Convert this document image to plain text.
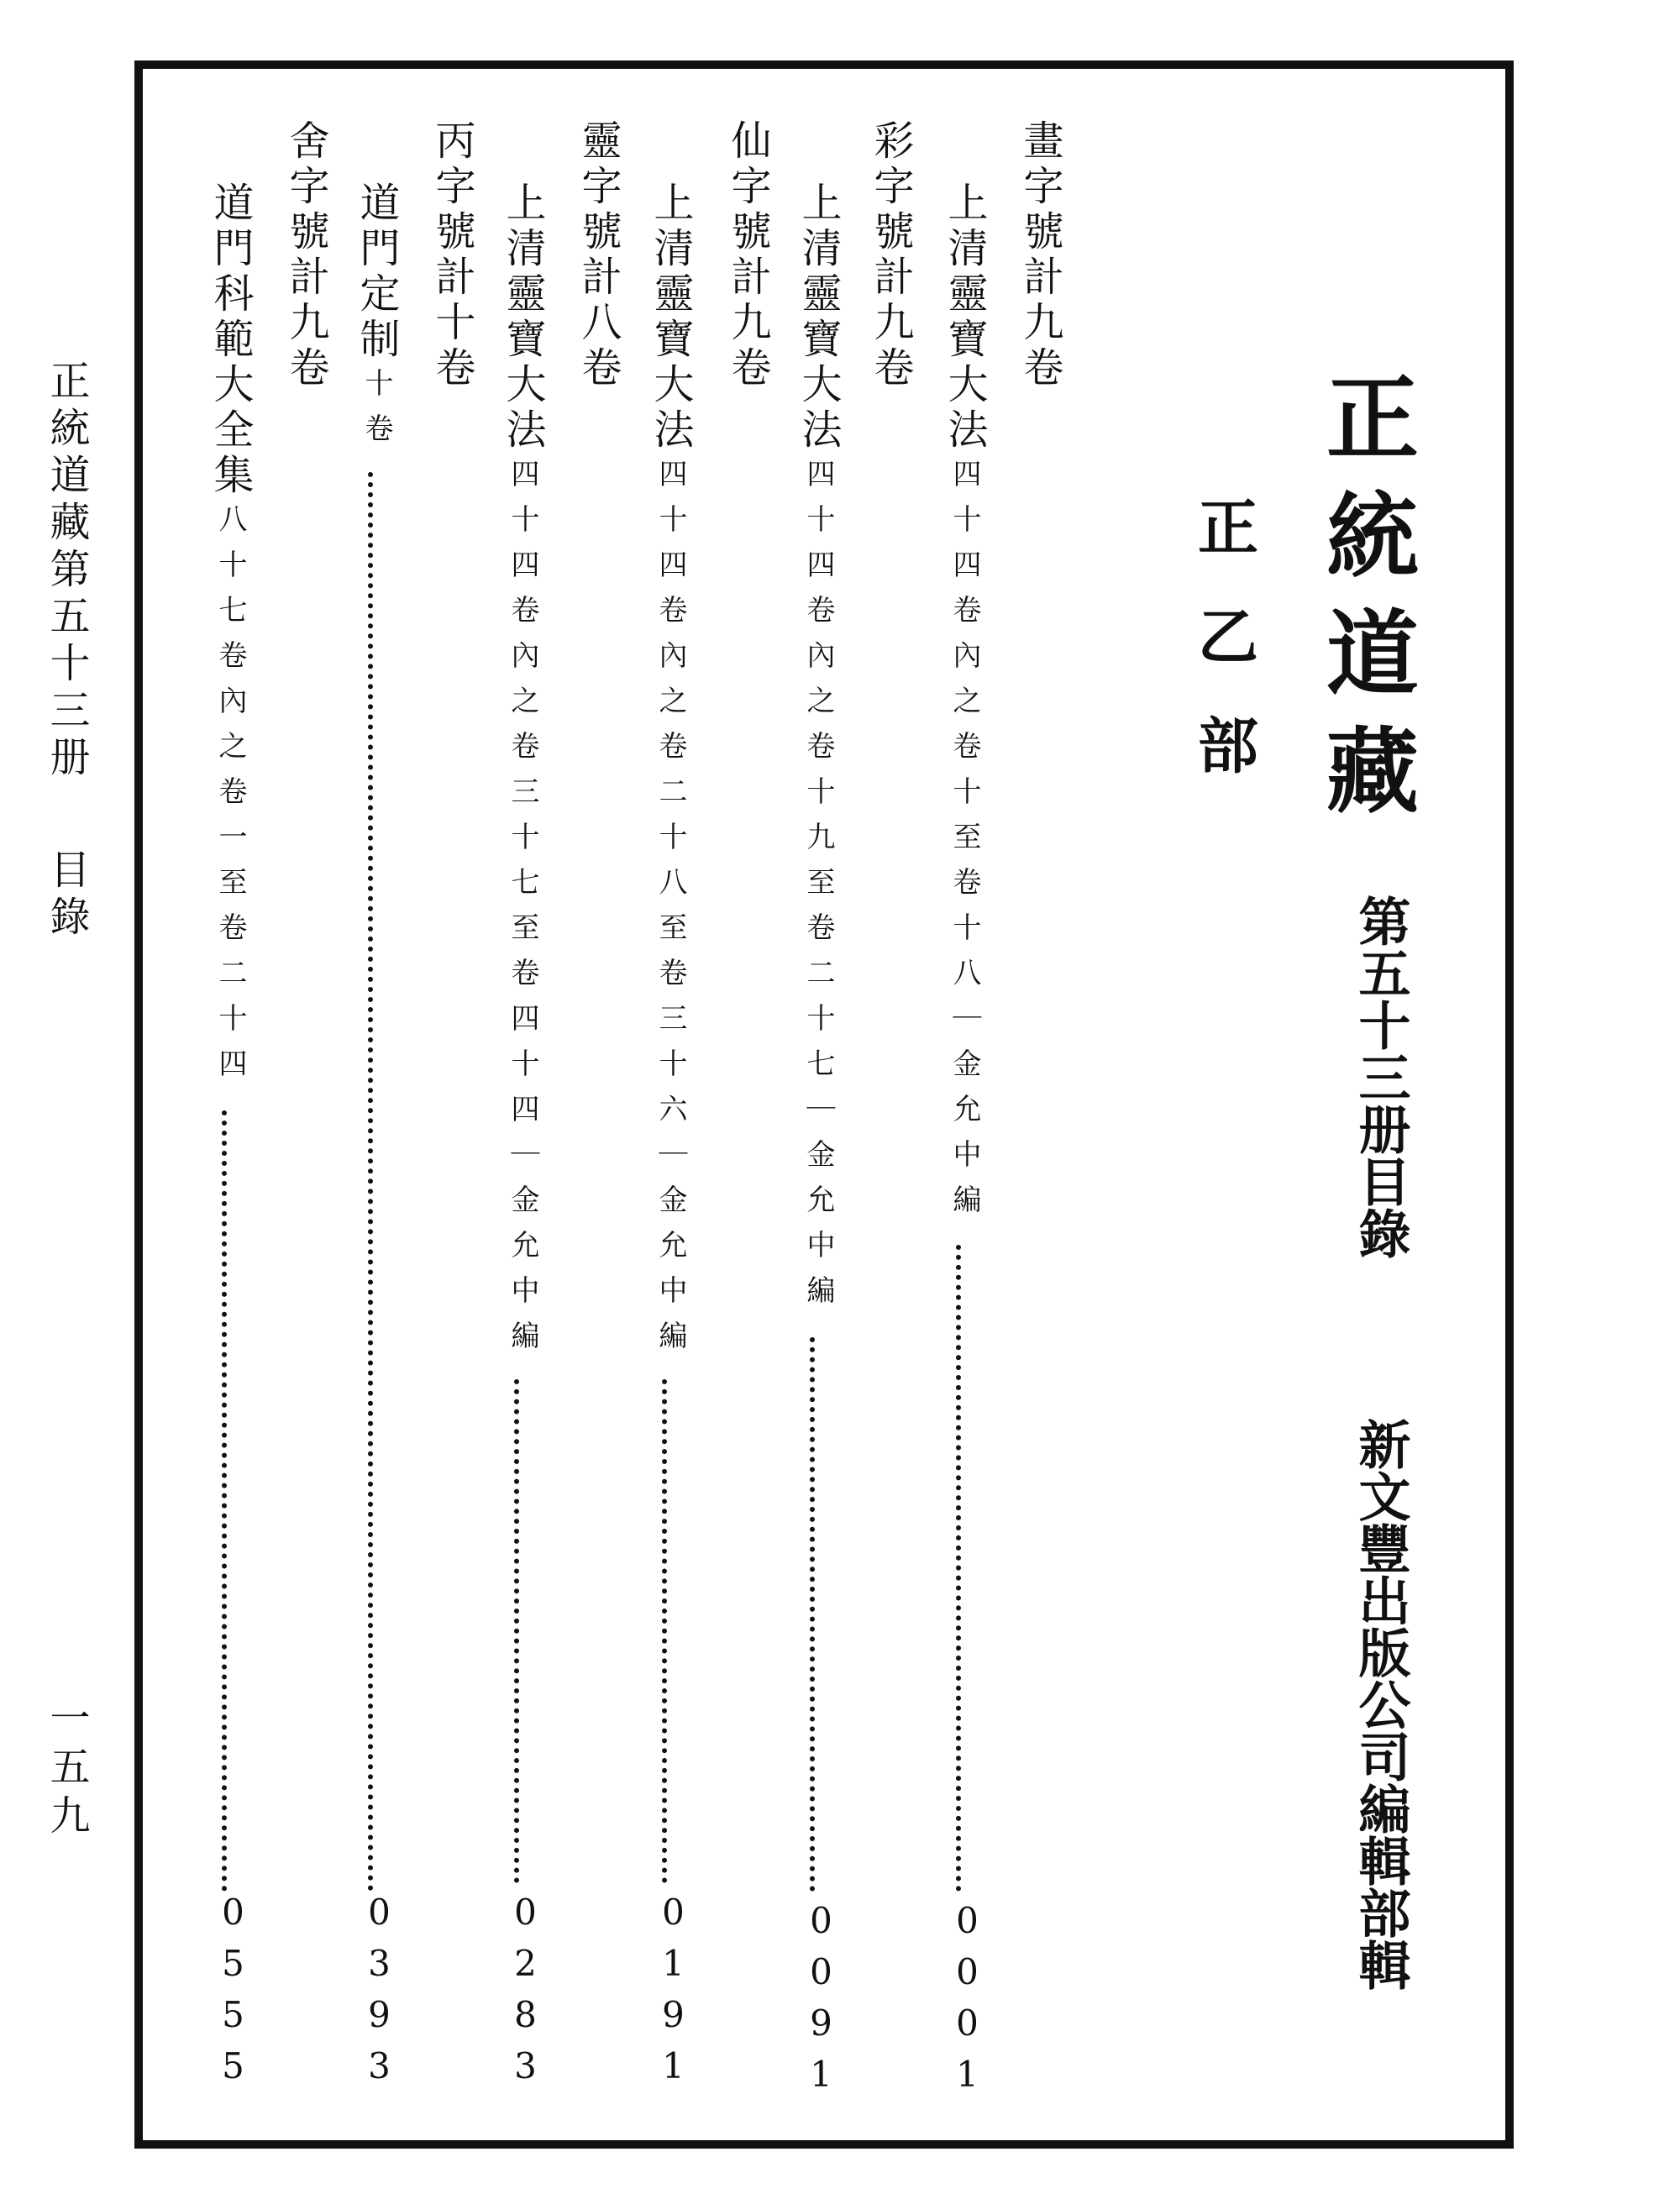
正統道藏第五十三册目錄
一五九
正統道藏
正乙部
第五十三册目錄
新文豐出版公司編輯部輯
畫字號計九卷
上清靈寶大法
四十四卷內之卷十至卷十八｜金允中編
0001
彩字號計九卷
上清靈寶大法
四十四卷內之卷十九至卷二十七｜金允中編
0091
仙字號計九卷
上清靈寶大法
四十四卷內之卷二十八至卷三十六｜金允中編
0191
靈字號計八卷
上清靈寶大法
四十四卷內之卷三十七至卷四十四｜金允中編
0283
丙字號計十卷
道門定制
十卷
0393
舍字號計九卷
道門科範大全集
八十七卷內之卷一至卷二十四
0555
